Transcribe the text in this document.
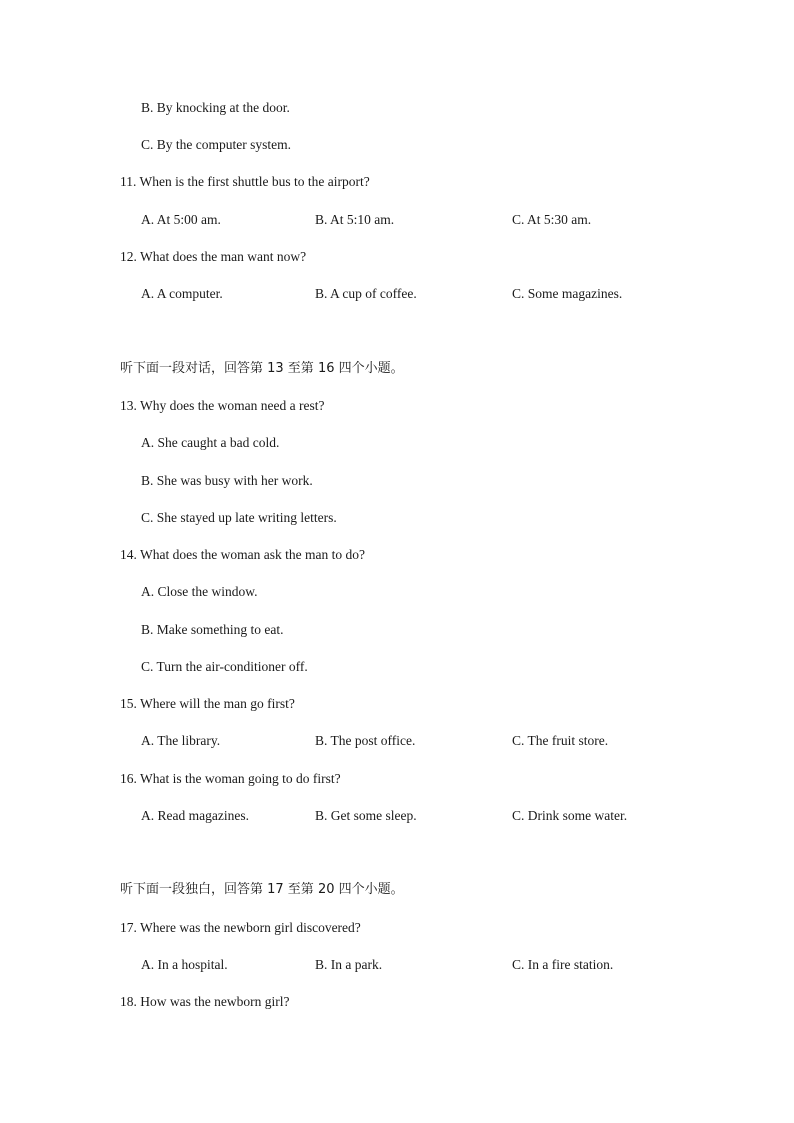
B. By knocking at the door.
C. By the computer system.
11. When is the first shuttle bus to the airport?
A. At 5:00 am.	B. At 5:10 am.	C. At 5:30 am.
12. What does the man want now?
A. A computer.	B. A cup of coffee.	C. Some magazines.
听下面一段对话，回答第 13 至第 16 四个小题。
13. Why does the woman need a rest?
A. She caught a bad cold.
B. She was busy with her work.
C. She stayed up late writing letters.
14. What does the woman ask the man to do?
A. Close the window.
B. Make something to eat.
C. Turn the air-conditioner off.
15. Where will the man go first?
A. The library.	B. The post office.	C. The fruit store.
16. What is the woman going to do first?
A. Read magazines.	B. Get some sleep.	C. Drink some water.
听下面一段独白，回答第 17 至第 20 四个小题。
17. Where was the newborn girl discovered?
A. In a hospital.	B. In a park.	C. In a fire station.
18. How was the newborn girl?
